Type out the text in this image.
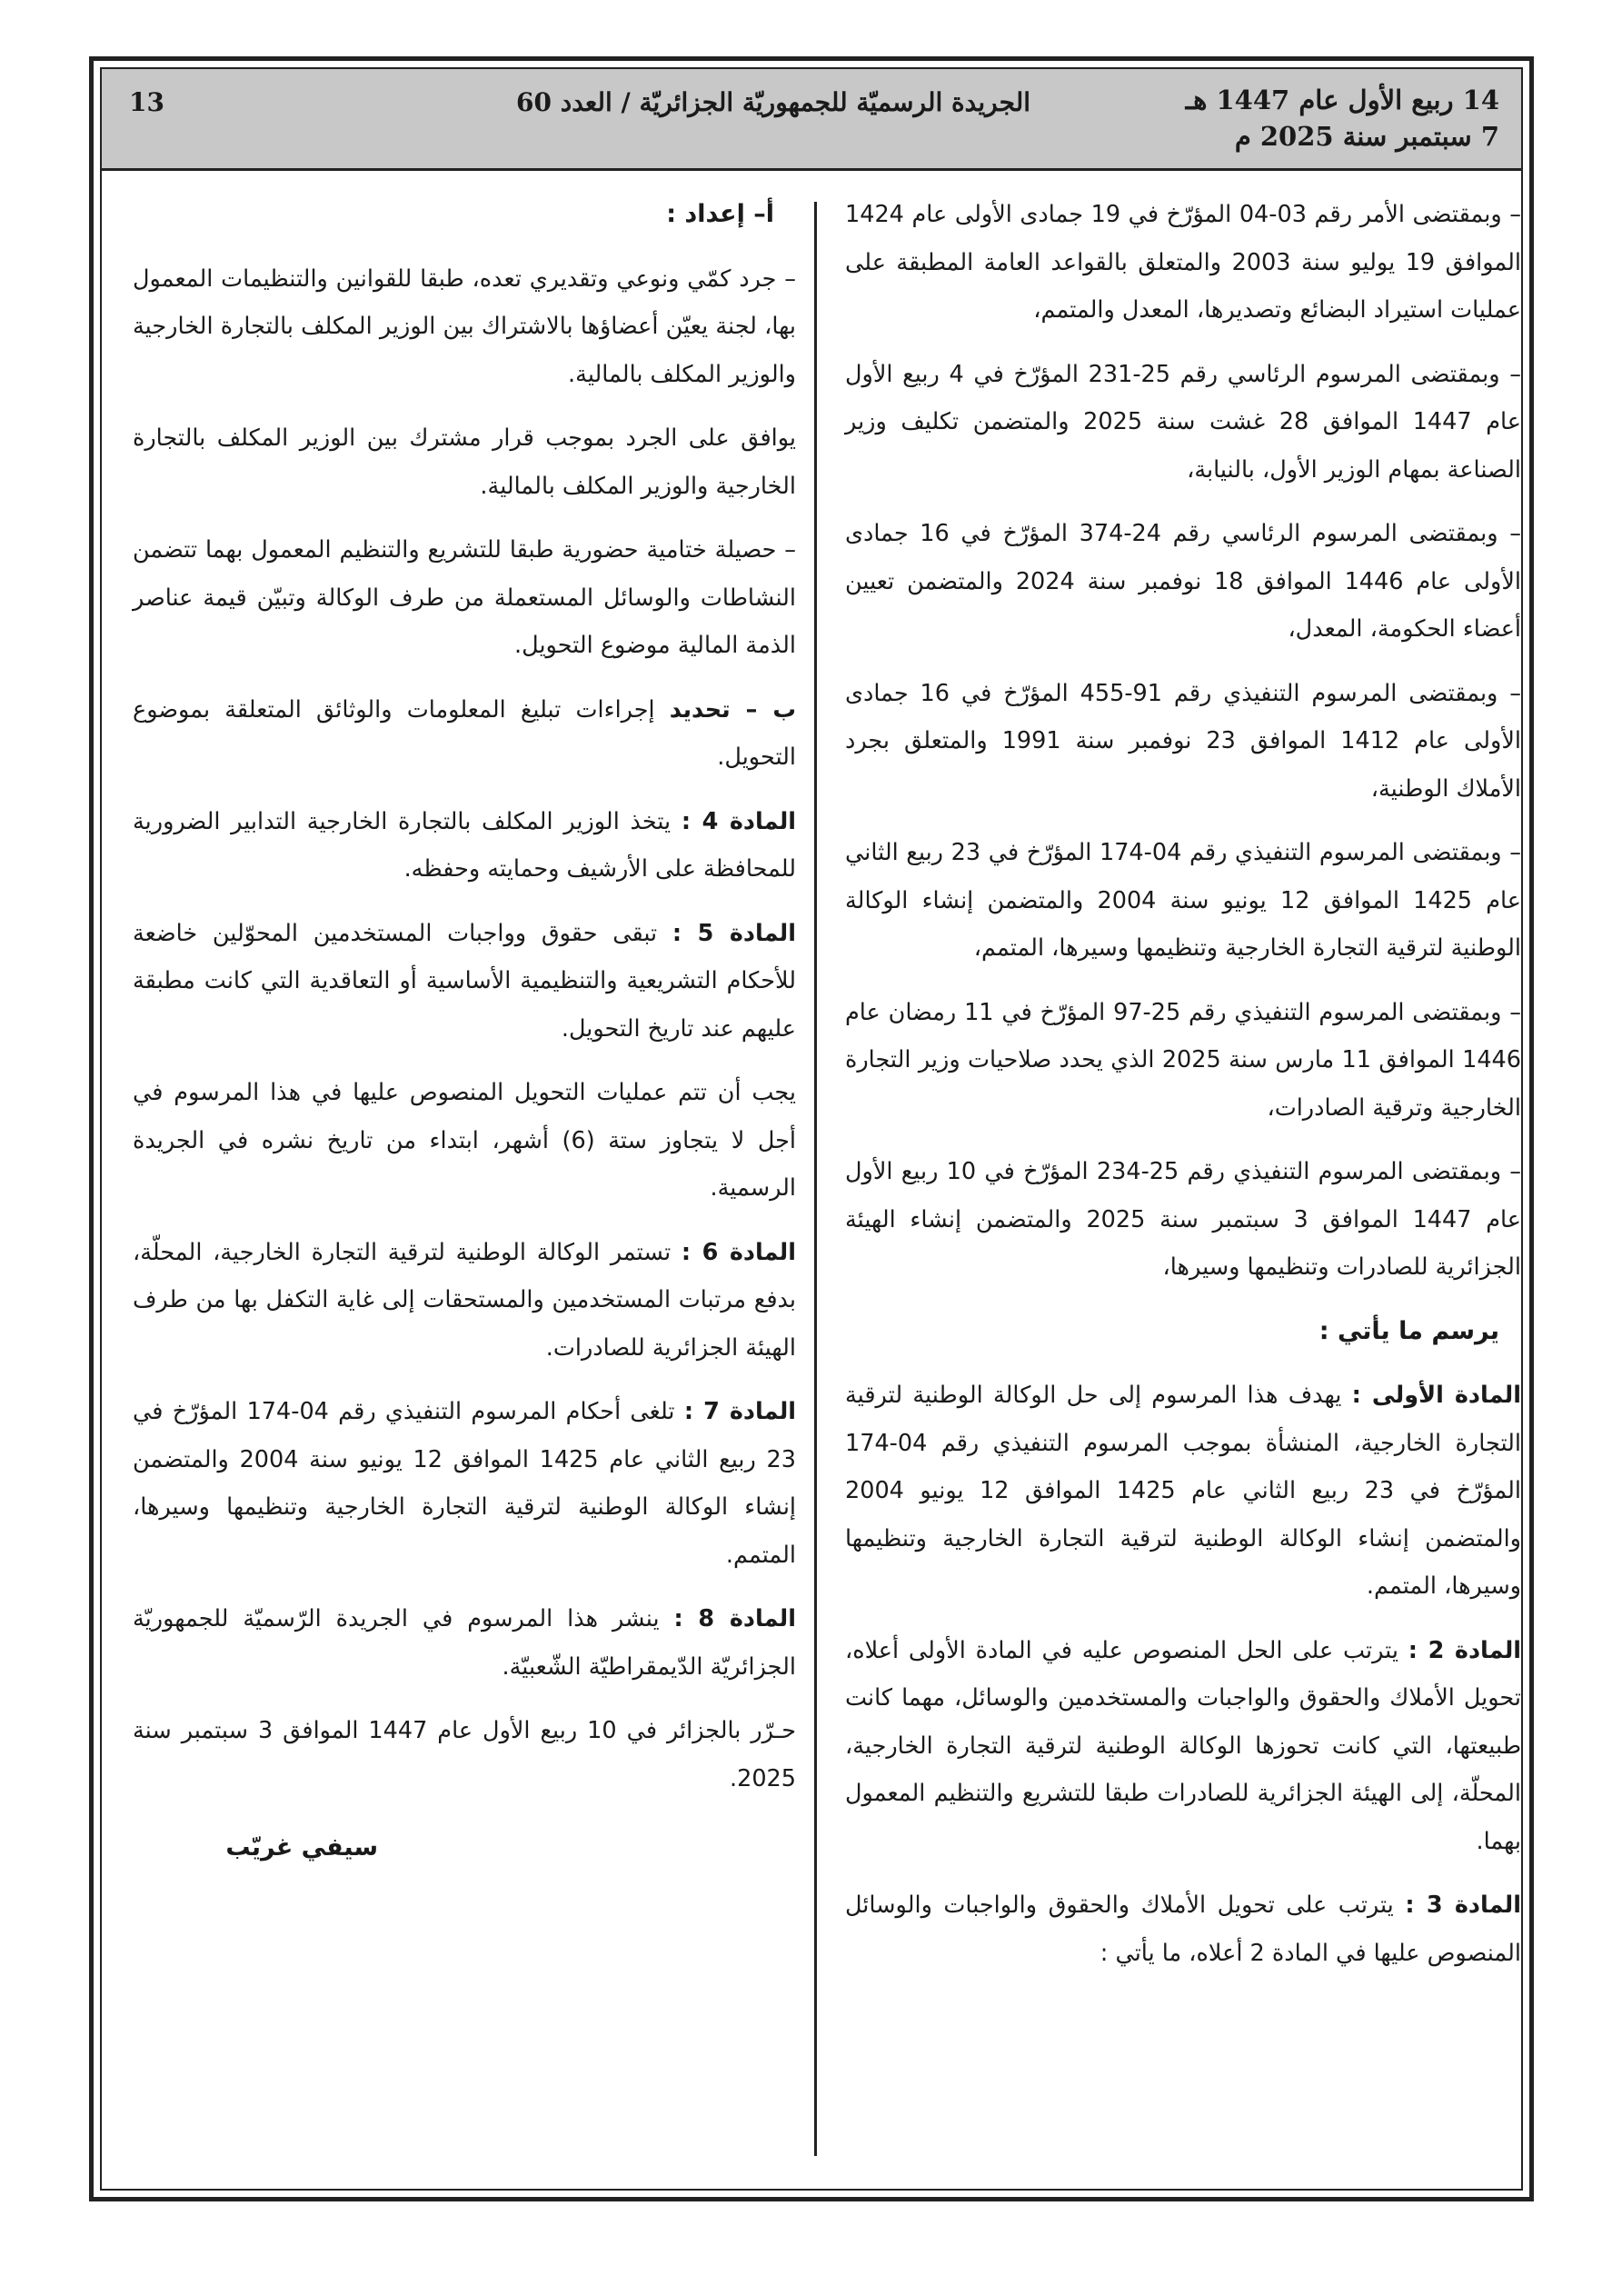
14 ربيع الأول عام 1447 هـ
7 سبتمبر سنة 2025 م
الجريدة الرسميّة للجمهوريّة الجزائريّة / العدد 60
13

– وبمقتضى الأمر رقم 03-04 المؤرّخ في 19 جمادى الأولى عام 1424 الموافق 19 يوليو سنة 2003 والمتعلق بالقواعد العامة المطبقة على عمليات استيراد البضائع وتصديرها، المعدل والمتمم،

– وبمقتضى المرسوم الرئاسي رقم 25-231 المؤرّخ في 4 ربيع الأول عام 1447 الموافق 28 غشت سنة 2025 والمتضمن تكليف وزير الصناعة بمهام الوزير الأول، بالنيابة،

– وبمقتضى المرسوم الرئاسي رقم 24-374 المؤرّخ في 16 جمادى الأولى عام 1446 الموافق 18 نوفمبر سنة 2024 والمتضمن تعيين أعضاء الحكومة، المعدل،

– وبمقتضى المرسوم التنفيذي رقم 91-455 المؤرّخ في 16 جمادى الأولى عام 1412 الموافق 23 نوفمبر سنة 1991 والمتعلق بجرد الأملاك الوطنية،

– وبمقتضى المرسوم التنفيذي رقم 04-174 المؤرّخ في 23 ربيع الثاني عام 1425 الموافق 12 يونيو سنة 2004 والمتضمن إنشاء الوكالة الوطنية لترقية التجارة الخارجية وتنظيمها وسيرها، المتمم،

– وبمقتضى المرسوم التنفيذي رقم 25-97 المؤرّخ في 11 رمضان عام 1446 الموافق 11 مارس سنة 2025 الذي يحدد صلاحيات وزير التجارة الخارجية وترقية الصادرات،

– وبمقتضى المرسوم التنفيذي رقم 25-234 المؤرّخ في 10 ربيع الأول عام 1447 الموافق 3 سبتمبر سنة 2025 والمتضمن إنشاء الهيئة الجزائرية للصادرات وتنظيمها وسيرها،

يرسم ما يأتي :

المادة الأولى : يهدف هذا المرسوم إلى حل الوكالة الوطنية لترقية التجارة الخارجية، المنشأة بموجب المرسوم التنفيذي رقم 04-174 المؤرّخ في 23 ربيع الثاني عام 1425 الموافق 12 يونيو 2004 والمتضمن إنشاء الوكالة الوطنية لترقية التجارة الخارجية وتنظيمها وسيرها، المتمم.

المادة 2 : يترتب على الحل المنصوص عليه في المادة الأولى أعلاه، تحويل الأملاك والحقوق والواجبات والمستخدمين والوسائل، مهما كانت طبيعتها، التي كانت تحوزها الوكالة الوطنية لترقية التجارة الخارجية، المحلّة، إلى الهيئة الجزائرية للصادرات طبقا للتشريع والتنظيم المعمول بهما.

المادة 3 : يترتب على تحويل الأملاك والحقوق والواجبات والوسائل المنصوص عليها في المادة 2 أعلاه، ما يأتي :

أ– إعداد :

– جرد كمّي ونوعي وتقديري تعده، طبقا للقوانين والتنظيمات المعمول بها، لجنة يعيّن أعضاؤها بالاشتراك بين الوزير المكلف بالتجارة الخارجية والوزير المكلف بالمالية.

يوافق على الجرد بموجب قرار مشترك بين الوزير المكلف بالتجارة الخارجية والوزير المكلف بالمالية.

– حصيلة ختامية حضورية طبقا للتشريع والتنظيم المعمول بهما تتضمن النشاطات والوسائل المستعملة من طرف الوكالة وتبيّن قيمة عناصر الذمة المالية موضوع التحويل.

ب – تحديد إجراءات تبليغ المعلومات والوثائق المتعلقة بموضوع التحويل.

المادة 4 : يتخذ الوزير المكلف بالتجارة الخارجية التدابير الضرورية للمحافظة على الأرشيف وحمايته وحفظه.

المادة 5 : تبقى حقوق وواجبات المستخدمين المحوّلين خاضعة للأحكام التشريعية والتنظيمية الأساسية أو التعاقدية التي كانت مطبقة عليهم عند تاريخ التحويل.

يجب أن تتم عمليات التحويل المنصوص عليها في هذا المرسوم في أجل لا يتجاوز ستة (6) أشهر، ابتداء من تاريخ نشره في الجريدة الرسمية.

المادة 6 : تستمر الوكالة الوطنية لترقية التجارة الخارجية، المحلّة، بدفع مرتبات المستخدمين والمستحقات إلى غاية التكفل بها من طرف الهيئة الجزائرية للصادرات.

المادة 7 : تلغى أحكام المرسوم التنفيذي رقم 04-174 المؤرّخ في 23 ربيع الثاني عام 1425 الموافق 12 يونيو سنة 2004 والمتضمن إنشاء الوكالة الوطنية لترقية التجارة الخارجية وتنظيمها وسيرها، المتمم.

المادة 8 : ينشر هذا المرسوم في الجريدة الرّسميّة للجمهوريّة الجزائريّة الدّيمقراطيّة الشّعبيّة.

حـرّر بالجزائر في 10 ربيع الأول عام 1447 الموافق 3 سبتمبر سنة 2025.

سيفي غريّب
